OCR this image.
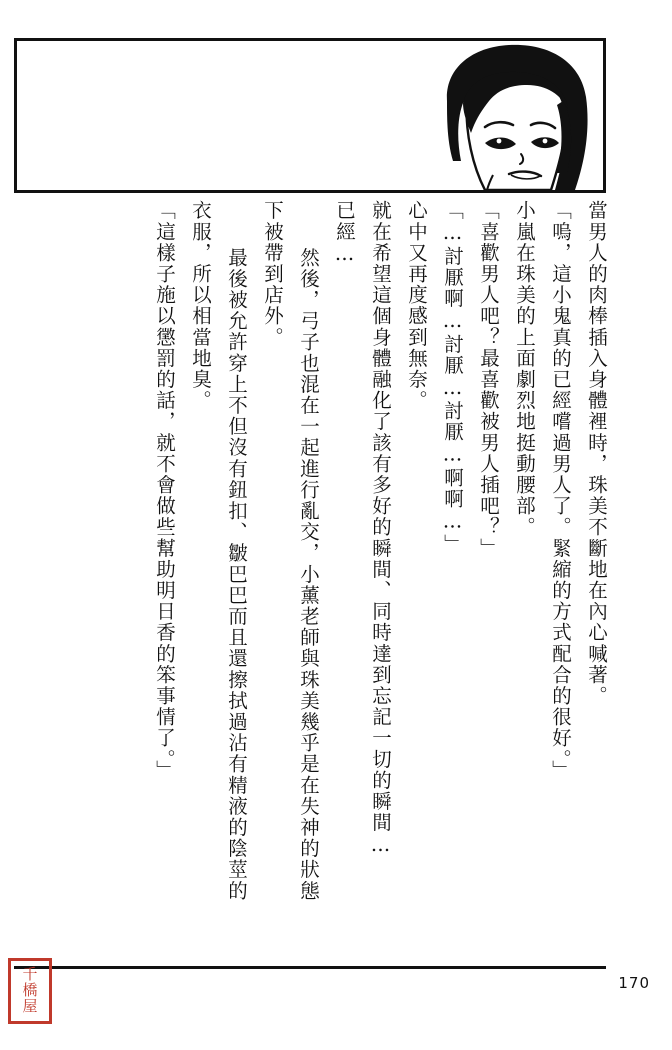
當男人的肉棒插入身體裡時，珠美不斷地在內心喊著。
「嗚，這小鬼真的已經嚐過男人了。緊縮的方式配合的很好。」
小嵐在珠美的上面劇烈地挺動腰部。
「喜歡男人吧？最喜歡被男人插吧？」
「…討厭啊…討厭…討厭…啊啊…」
心中又再度感到無奈。
就在希望這個身體融化了該有多好的瞬間、同時達到忘記一切的瞬間…
已經…
　然後，弓子也混在一起進行亂交，小薰老師與珠美幾乎是在失神的狀態
下被帶到店外。
　最後被允許穿上不但沒有鈕扣、皺巴巴而且還擦拭過沾有精液的陰莖的
衣服，所以相當地臭。
「這樣子施以懲罰的話，就不會做些幫助明日香的笨事情了。」
170
千
橋
屋
